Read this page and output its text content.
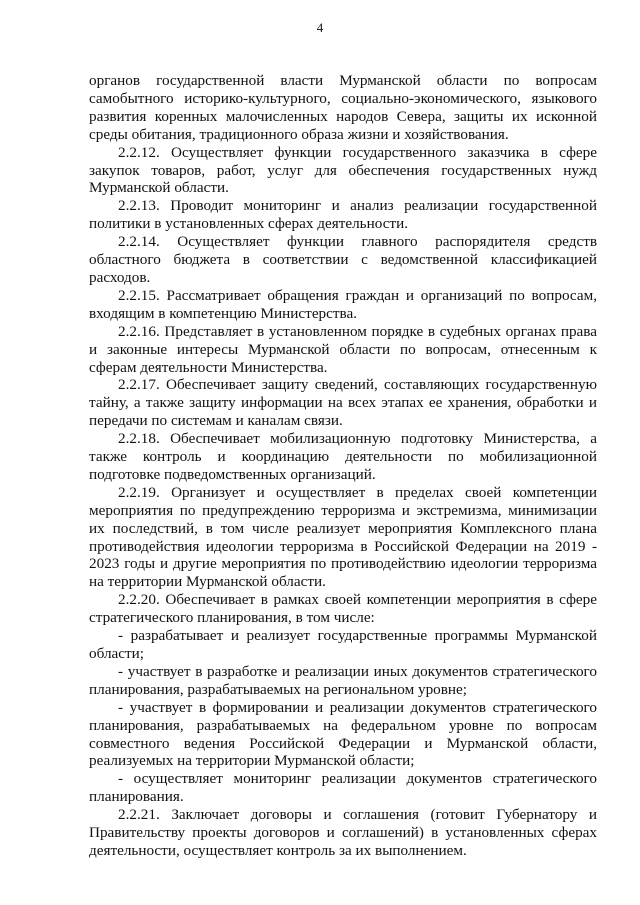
4

органов государственной власти Мурманской области по вопросам самобытного историко-культурного, социально-экономического, языкового развития коренных малочисленных народов Севера, защиты их исконной среды обитания, традиционного образа жизни и хозяйствования.

2.2.12. Осуществляет функции государственного заказчика в сфере закупок товаров, работ, услуг для обеспечения государственных нужд Мурманской области.

2.2.13. Проводит мониторинг и анализ реализации государственной политики в установленных сферах деятельности.

2.2.14. Осуществляет функции главного распорядителя средств областного бюджета в соответствии с ведомственной классификацией расходов.

2.2.15. Рассматривает обращения граждан и организаций по вопросам, входящим в компетенцию Министерства.

2.2.16. Представляет в установленном порядке в судебных органах права и законные интересы Мурманской области по вопросам, отнесенным к сферам деятельности Министерства.

2.2.17. Обеспечивает защиту сведений, составляющих государственную тайну, а также защиту информации на всех этапах ее хранения, обработки и передачи по системам и каналам связи.

2.2.18. Обеспечивает мобилизационную подготовку Министерства, а также контроль и координацию деятельности по мобилизационной подготовке подведомственных организаций.

2.2.19. Организует и осуществляет в пределах своей компетенции мероприятия по предупреждению терроризма и экстремизма, минимизации их последствий, в том числе реализует мероприятия Комплексного плана противодействия идеологии терроризма в Российской Федерации на 2019 - 2023 годы и другие мероприятия по противодействию идеологии терроризма на территории Мурманской области.

2.2.20. Обеспечивает в рамках своей компетенции мероприятия в сфере стратегического планирования, в том числе:

- разрабатывает и реализует государственные программы Мурманской области;

- участвует в разработке и реализации иных документов стратегического планирования, разрабатываемых на региональном уровне;

- участвует в формировании и реализации документов стратегического планирования, разрабатываемых на федеральном уровне по вопросам совместного ведения Российской Федерации и Мурманской области, реализуемых на территории Мурманской области;

- осуществляет мониторинг реализации документов стратегического планирования.

2.2.21. Заключает договоры и соглашения (готовит Губернатору и Правительству проекты договоров и соглашений) в установленных сферах деятельности, осуществляет контроль за их выполнением.
